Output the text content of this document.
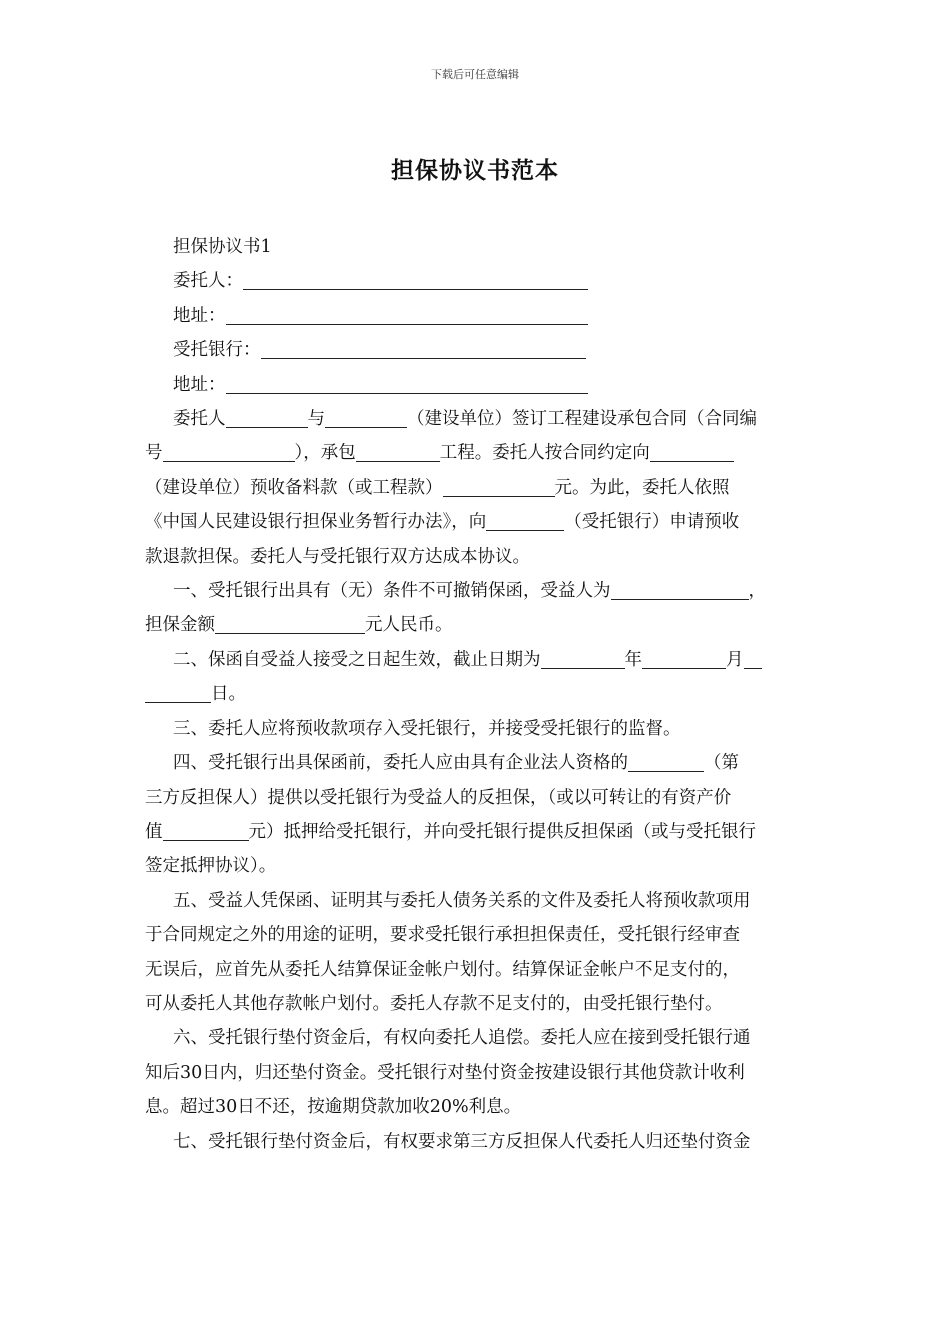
下载后可任意编辑
担保协议书范本
担保协议书1
委托人：
地址：
受托银行：
地址：
委托人	与	（建设单位）签订工程建设承包合同（合同编
号	），承包	工程。委托人按合同约定向
（建设单位）预收备料款（或工程款）	元。为此，委托人依照
《中国人民建设银行担保业务暂行办法》，向	（受托银行）申请预收
款退款担保。委托人与受托银行双方达成本协议。
一、受托银行出具有（无）条件不可撤销保函，受益人为	，
担保金额	元人民币。
二、保函自受益人接受之日起生效，截止日期为	年	月
日。
三、委托人应将预收款项存入受托银行，并接受受托银行的监督。
四、受托银行出具保函前，委托人应由具有企业法人资格的	（第
三方反担保人）提供以受托银行为受益人的反担保，（或以可转让的有资产价
值	元）抵押给受托银行，并向受托银行提供反担保函（或与受托银行
签定抵押协议）。
五、受益人凭保函、证明其与委托人债务关系的文件及委托人将预收款项用
于合同规定之外的用途的证明，要求受托银行承担担保责任，受托银行经审查
无误后，应首先从委托人结算保证金帐户划付。结算保证金帐户不足支付的，
可从委托人其他存款帐户划付。委托人存款不足支付的，由受托银行垫付。
六、受托银行垫付资金后，有权向委托人追偿。委托人应在接到受托银行通
知后30日内，归还垫付资金。受托银行对垫付资金按建设银行其他贷款计收利
息。超过30日不还，按逾期贷款加收20%利息。
七、受托银行垫付资金后，有权要求第三方反担保人代委托人归还垫付资金
